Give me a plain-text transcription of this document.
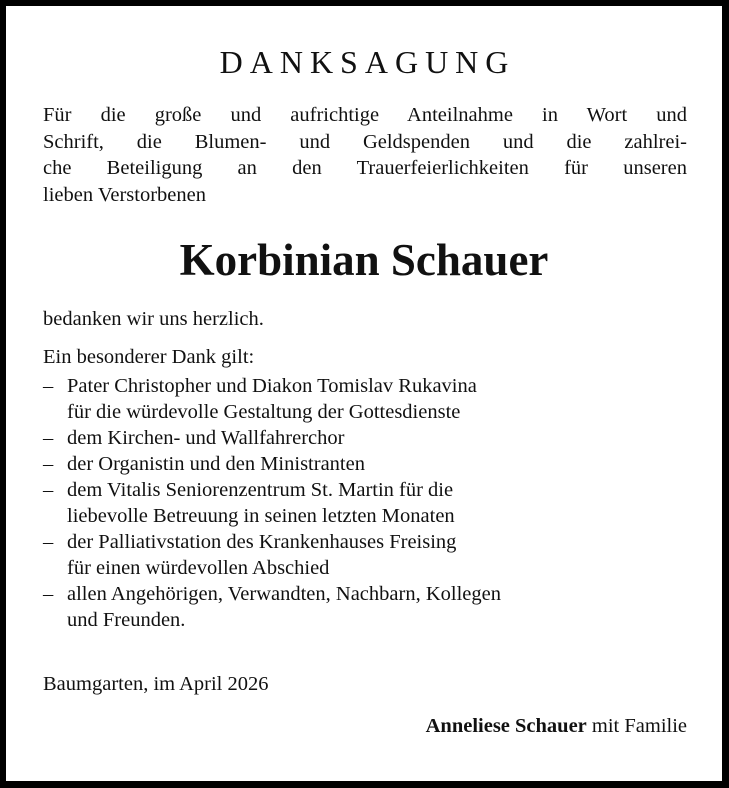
DANKSAGUNG

Für die große und aufrichtige Anteilnahme in Wort und
Schrift, die Blumen- und Geldspenden und die zahlrei-
che Beteiligung an den Trauerfeierlichkeiten für unseren
lieben Verstorbenen

Korbinian Schauer

bedanken wir uns herzlich.

Ein besonderer Dank gilt:

– Pater Christopher und Diakon Tomislav Rukavina
für die würdevolle Gestaltung der Gottesdienste
– dem Kirchen- und Wallfahrerchor
– der Organistin und den Ministranten
– dem Vitalis Seniorenzentrum St. Martin für die
liebevolle Betreuung in seinen letzten Monaten
– der Palliativstation des Krankenhauses Freising
für einen würdevollen Abschied
– allen Angehörigen, Verwandten, Nachbarn, Kollegen
und Freunden.

Baumgarten, im April 2026

Anneliese Schauer mit Familie
